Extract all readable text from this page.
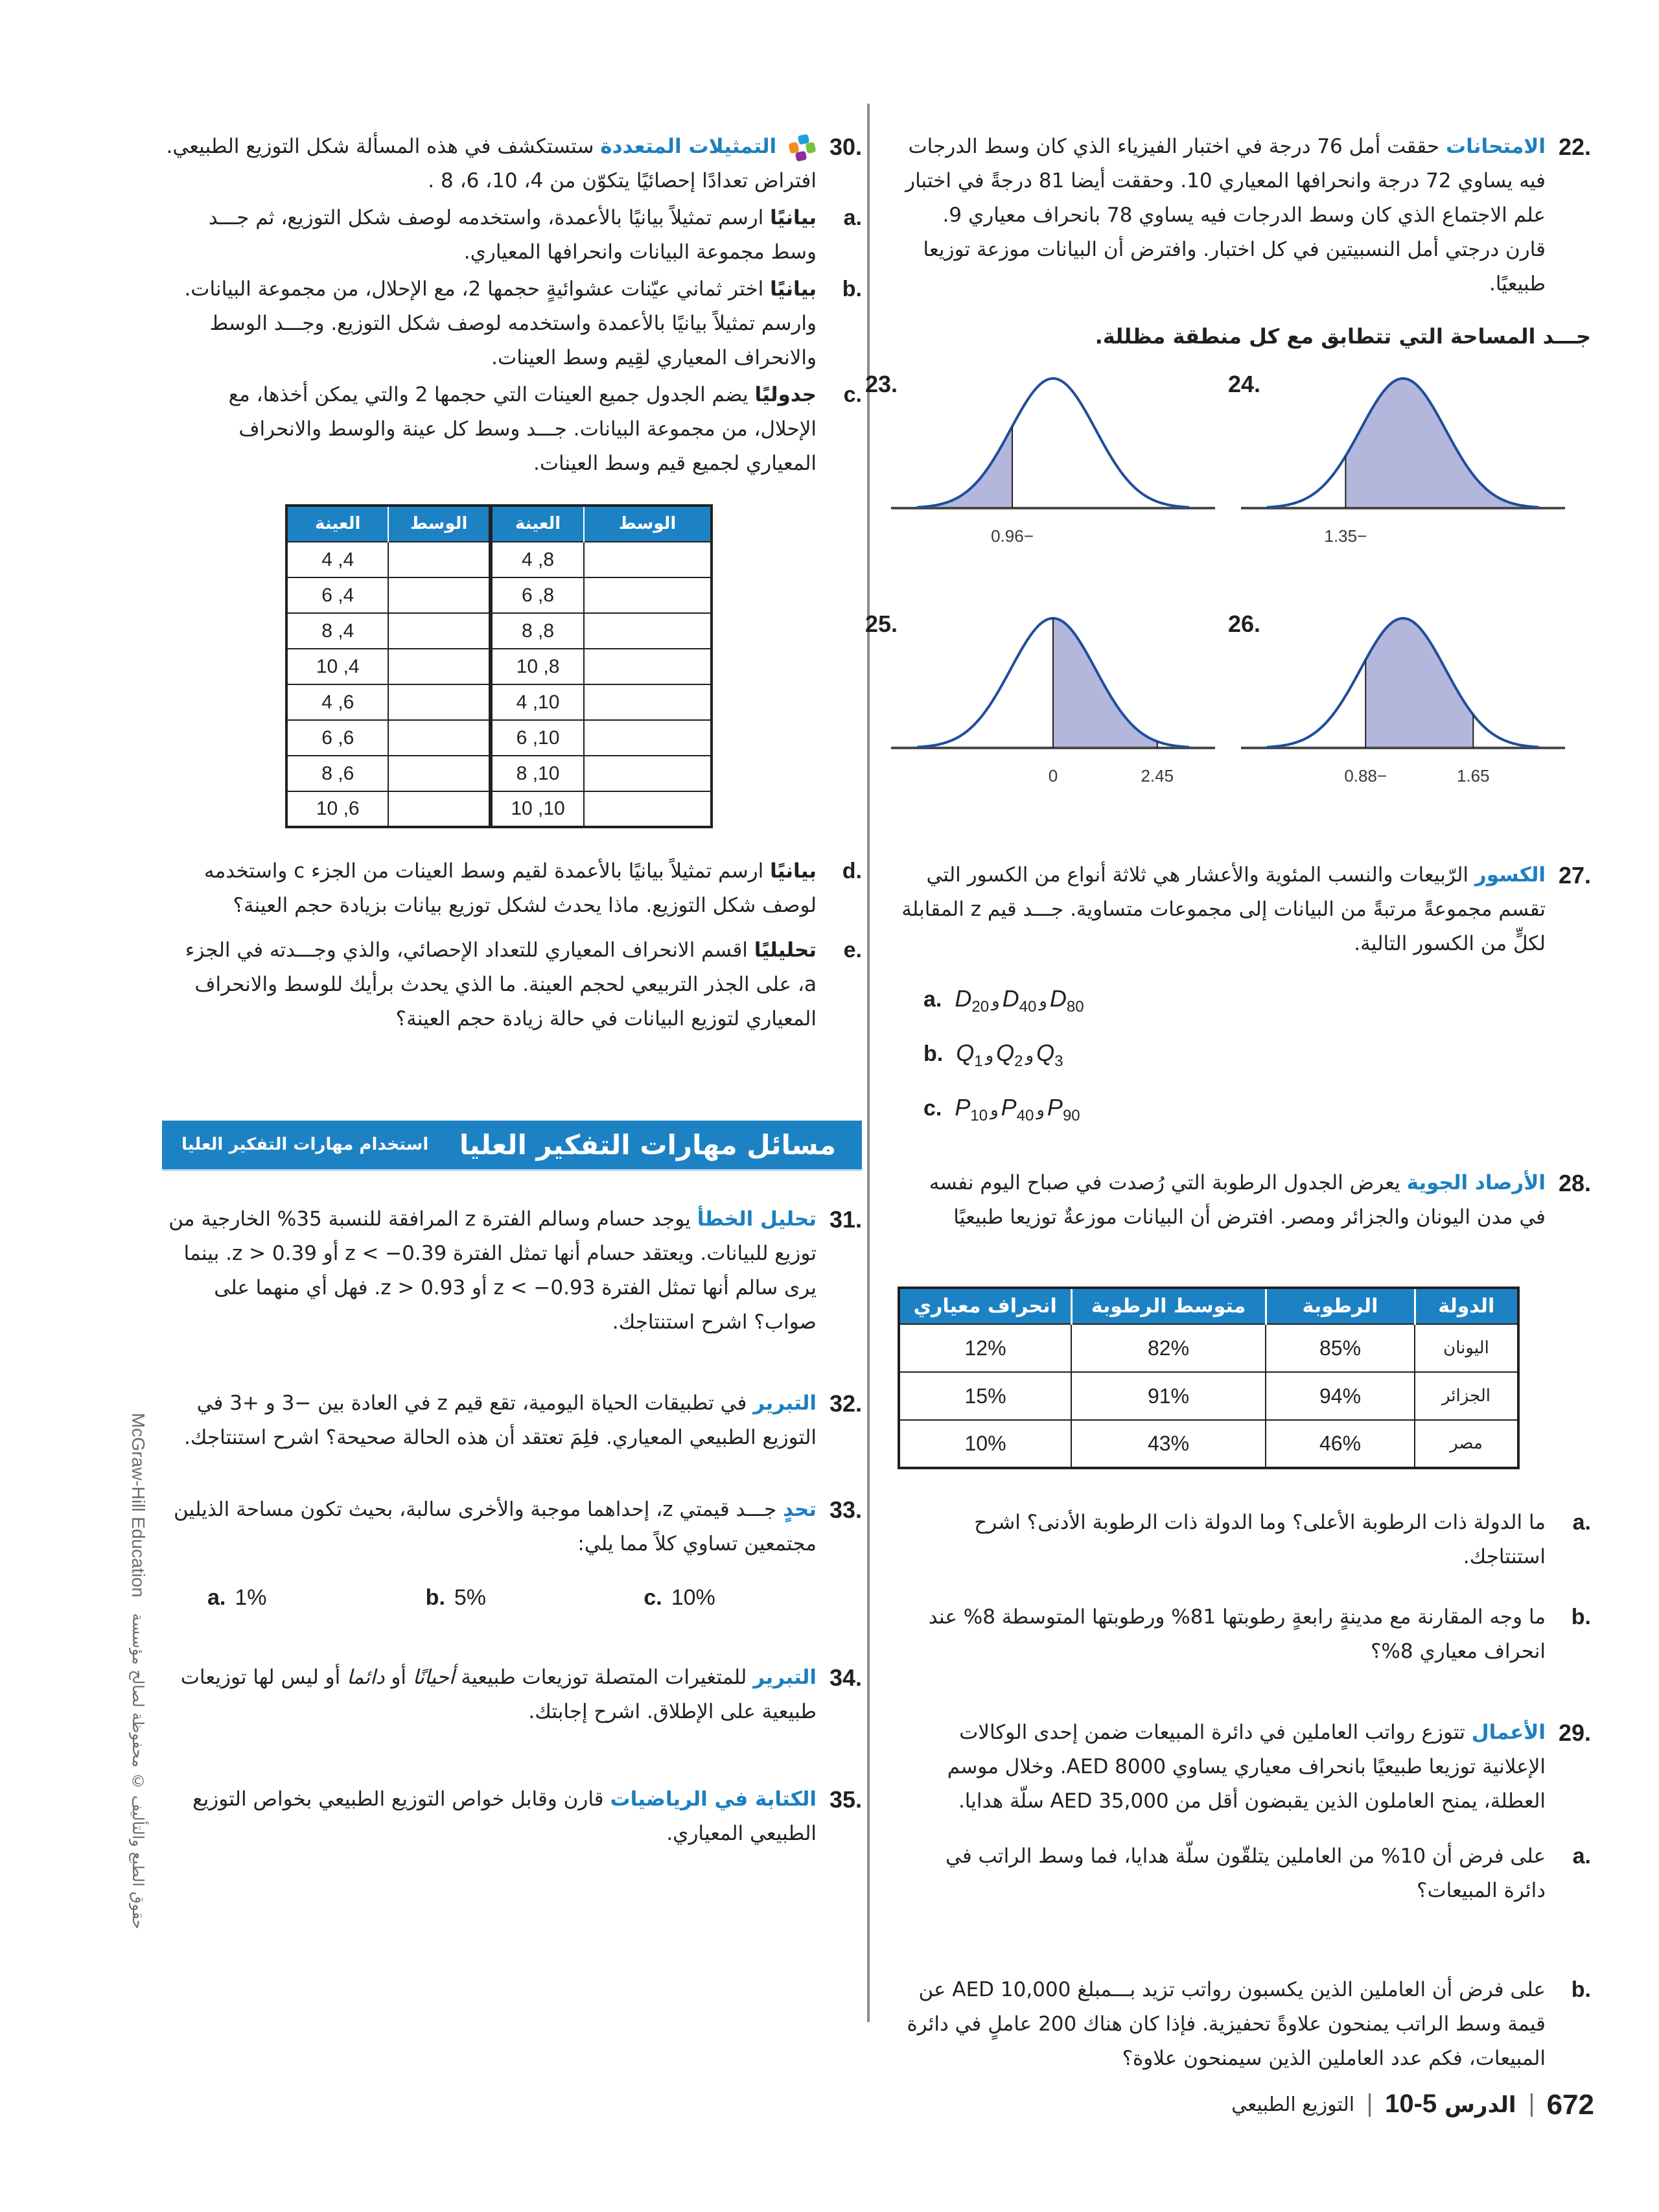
22.
الامتحانات حققت أمل 76 درجة في اختبار الفيزياء الذي كان وسط الدرجات فيه يساوي 72 درجة وانحرافها المعياري 10. وحققت أيضا 81 درجةً في اختبار علم الاجتماع الذي كان وسط الدرجات فيه يساوي 78 بانحراف معياري 9. قارن درجتي أمل النسبيتين في كل اختبار. وافترض أن البيانات موزعة توزيعا طبيعيًا.
جـــد المساحة التي تتطابق مع كل منطقة مظللة.
23.
−0.96
24.
−1.35
25.
0	2.45
26.
−0.88	1.65
27.
الكسور الرّبيعات والنسب المئوية والأعشار هي ثلاثة أنواع من الكسور التي تقسم مجموعةً مرتبةً من البيانات إلى مجموعات متساوية. جـــد قيم z المقابلة لكلٍّ من الكسور التالية.
a. $D_{20}$ و $D_{40}$ و $D_{80}$
b. $Q_1$ و $Q_2$ و $Q_3$
c. $P_{10}$ و $P_{40}$ و $P_{90}$
28.
الأرصاد الجوية يعرض الجدول الرطوبة التي رُصدت في صباح اليوم نفسه في مدن اليونان والجزائر ومصر. افترض أن البيانات موزعةٌ توزيعا طبيعيًا
الدولة	الرطوبة	متوسط الرطوبة	انحراف معياري
اليونان	85%	82%	12%
الجزائر	94%	91%	15%
مصر	46%	43%	10%
a.
ما الدولة ذات الرطوبة الأعلى؟ وما الدولة ذات الرطوبة الأدنى؟ اشرح استنتاجك.
b.
ما وجه المقارنة مع مدينةٍ رابعةٍ رطوبتها 81% ورطوبتها المتوسطة 8% عند انحراف معياري 8%؟
29.
الأعمال تتوزع رواتب العاملين في دائرة المبيعات ضمن إحدى الوكالات الإعلانية توزيعا طبيعيًا بانحراف معياري يساوي AED 8000. وخلال موسم العطلة، يمنح العاملون الذين يقبضون أقل من AED 35,000 سلّة هدايا.
a.
على فرض أن 10% من العاملين يتلقّون سلّة هدايا، فما وسط الراتب في دائرة المبيعات؟
b.
على فرض أن العاملين الذين يكسبون رواتب تزيد بـــمبلغ AED 10,000 عن قيمة وسط الراتب يمنحون علاوةً تحفيزية. فإذا كان هناك 200 عاملٍ في دائرة المبيعات، فكم عدد العاملين الذين سيمنحون علاوة؟
30.
التمثيلات المتعددة ستستكشف في هذه المسألة شكل التوزيع الطبيعي. افتراض تعدادًا إحصائيًا يتكوّن من 4، 10، 6، 8 .
a.
بيانيًا ارسم تمثيلاً بيانيًا بالأعمدة، واستخدمه لوصف شكل التوزيع، ثم جـــد وسط مجموعة البيانات وانحرافها المعياري.
b.
بيانيًا اختر ثماني عيّنات عشوائيةٍ حجمها 2، مع الإحلال، من مجموعة البيانات. وارسم تمثيلاً بيانيًا بالأعمدة واستخدمه لوصف شكل التوزيع. وجـــد الوسط والانحراف المعياري لقِيم وسط العينات.
c.
جدوليًا يضم الجدول جميع العينات التي حجمها 2 والتي يمكن أخذها، مع الإحلال، من مجموعة البيانات. جـــد وسط كل عينة والوسط والانحراف المعياري لجميع قيم وسط العينات.
الوسط	العينة	الوسط	العينة
	8, 4		4, 4
	8, 6		4, 6
	8, 8		4, 8
	8, 10		4, 10
	10, 4		6, 4
	10, 6		6, 6
	10, 8		6, 8
	10, 10		6, 10
d.
بيانيًا ارسم تمثيلاً بيانيًا بالأعمدة لقيم وسط العينات من الجزء c واستخدمه لوصف شكل التوزيع. ماذا يحدث لشكل توزيع بيانات بزيادة حجم العينة؟
e.
تحليليًا اقسم الانحراف المعياري للتعداد الإحصائي، والذي وجـــدته في الجزء a، على الجذر التربيعي لحجم العينة. ما الذي يحدث برأيك للوسط والانحراف المعياري لتوزيع البيانات في حالة زيادة حجم العينة؟
مسائل مهارات التفكير العليا
استخدام مهارات التفكير العليا
31.
تحليل الخطأ يوجد حسام وسالم الفترة z المرافقة للنسبة 35% الخارجية من توزيع للبيانات. ويعتقد حسام أنها تمثل الفترة z < −0.39 أو z > 0.39. بينما يرى سالم أنها تمثل الفترة z < −0.93 أو z > 0.93. فهل أي منهما على صواب؟ اشرح استنتاجك.
32.
التبرير في تطبيقات الحياة اليومية، تقع قيم z في العادة بين −3 و +3 في التوزيع الطبيعي المعياري. فلِمَ تعتقد أن هذه الحالة صحيحة؟ اشرح استنتاجك.
33.
تحدٍ جـــد قيمتي z، إحداهما موجبة والأخرى سالبة، بحيث تكون مساحة الذيلين مجتمعين تساوي كلاً مما يلي:
a. 1%	b. 5%	c. 10%
34.
التبرير للمتغيرات المتصلة توزيعات طبيعية أحيانًا أو دائما أو ليس لها توزيعات طبيعية على الإطلاق. اشرح إجابتك.
35.
الكتابة في الرياضيات قارن وقابل خواص التوزيع الطبيعي بخواص التوزيع الطبيعي المعياري.
McGraw-Hill Education حقوق الطبع والتأليف © محفوظة لصالح مؤسسة
672
الدرس 10-5
التوزيع الطبيعي
